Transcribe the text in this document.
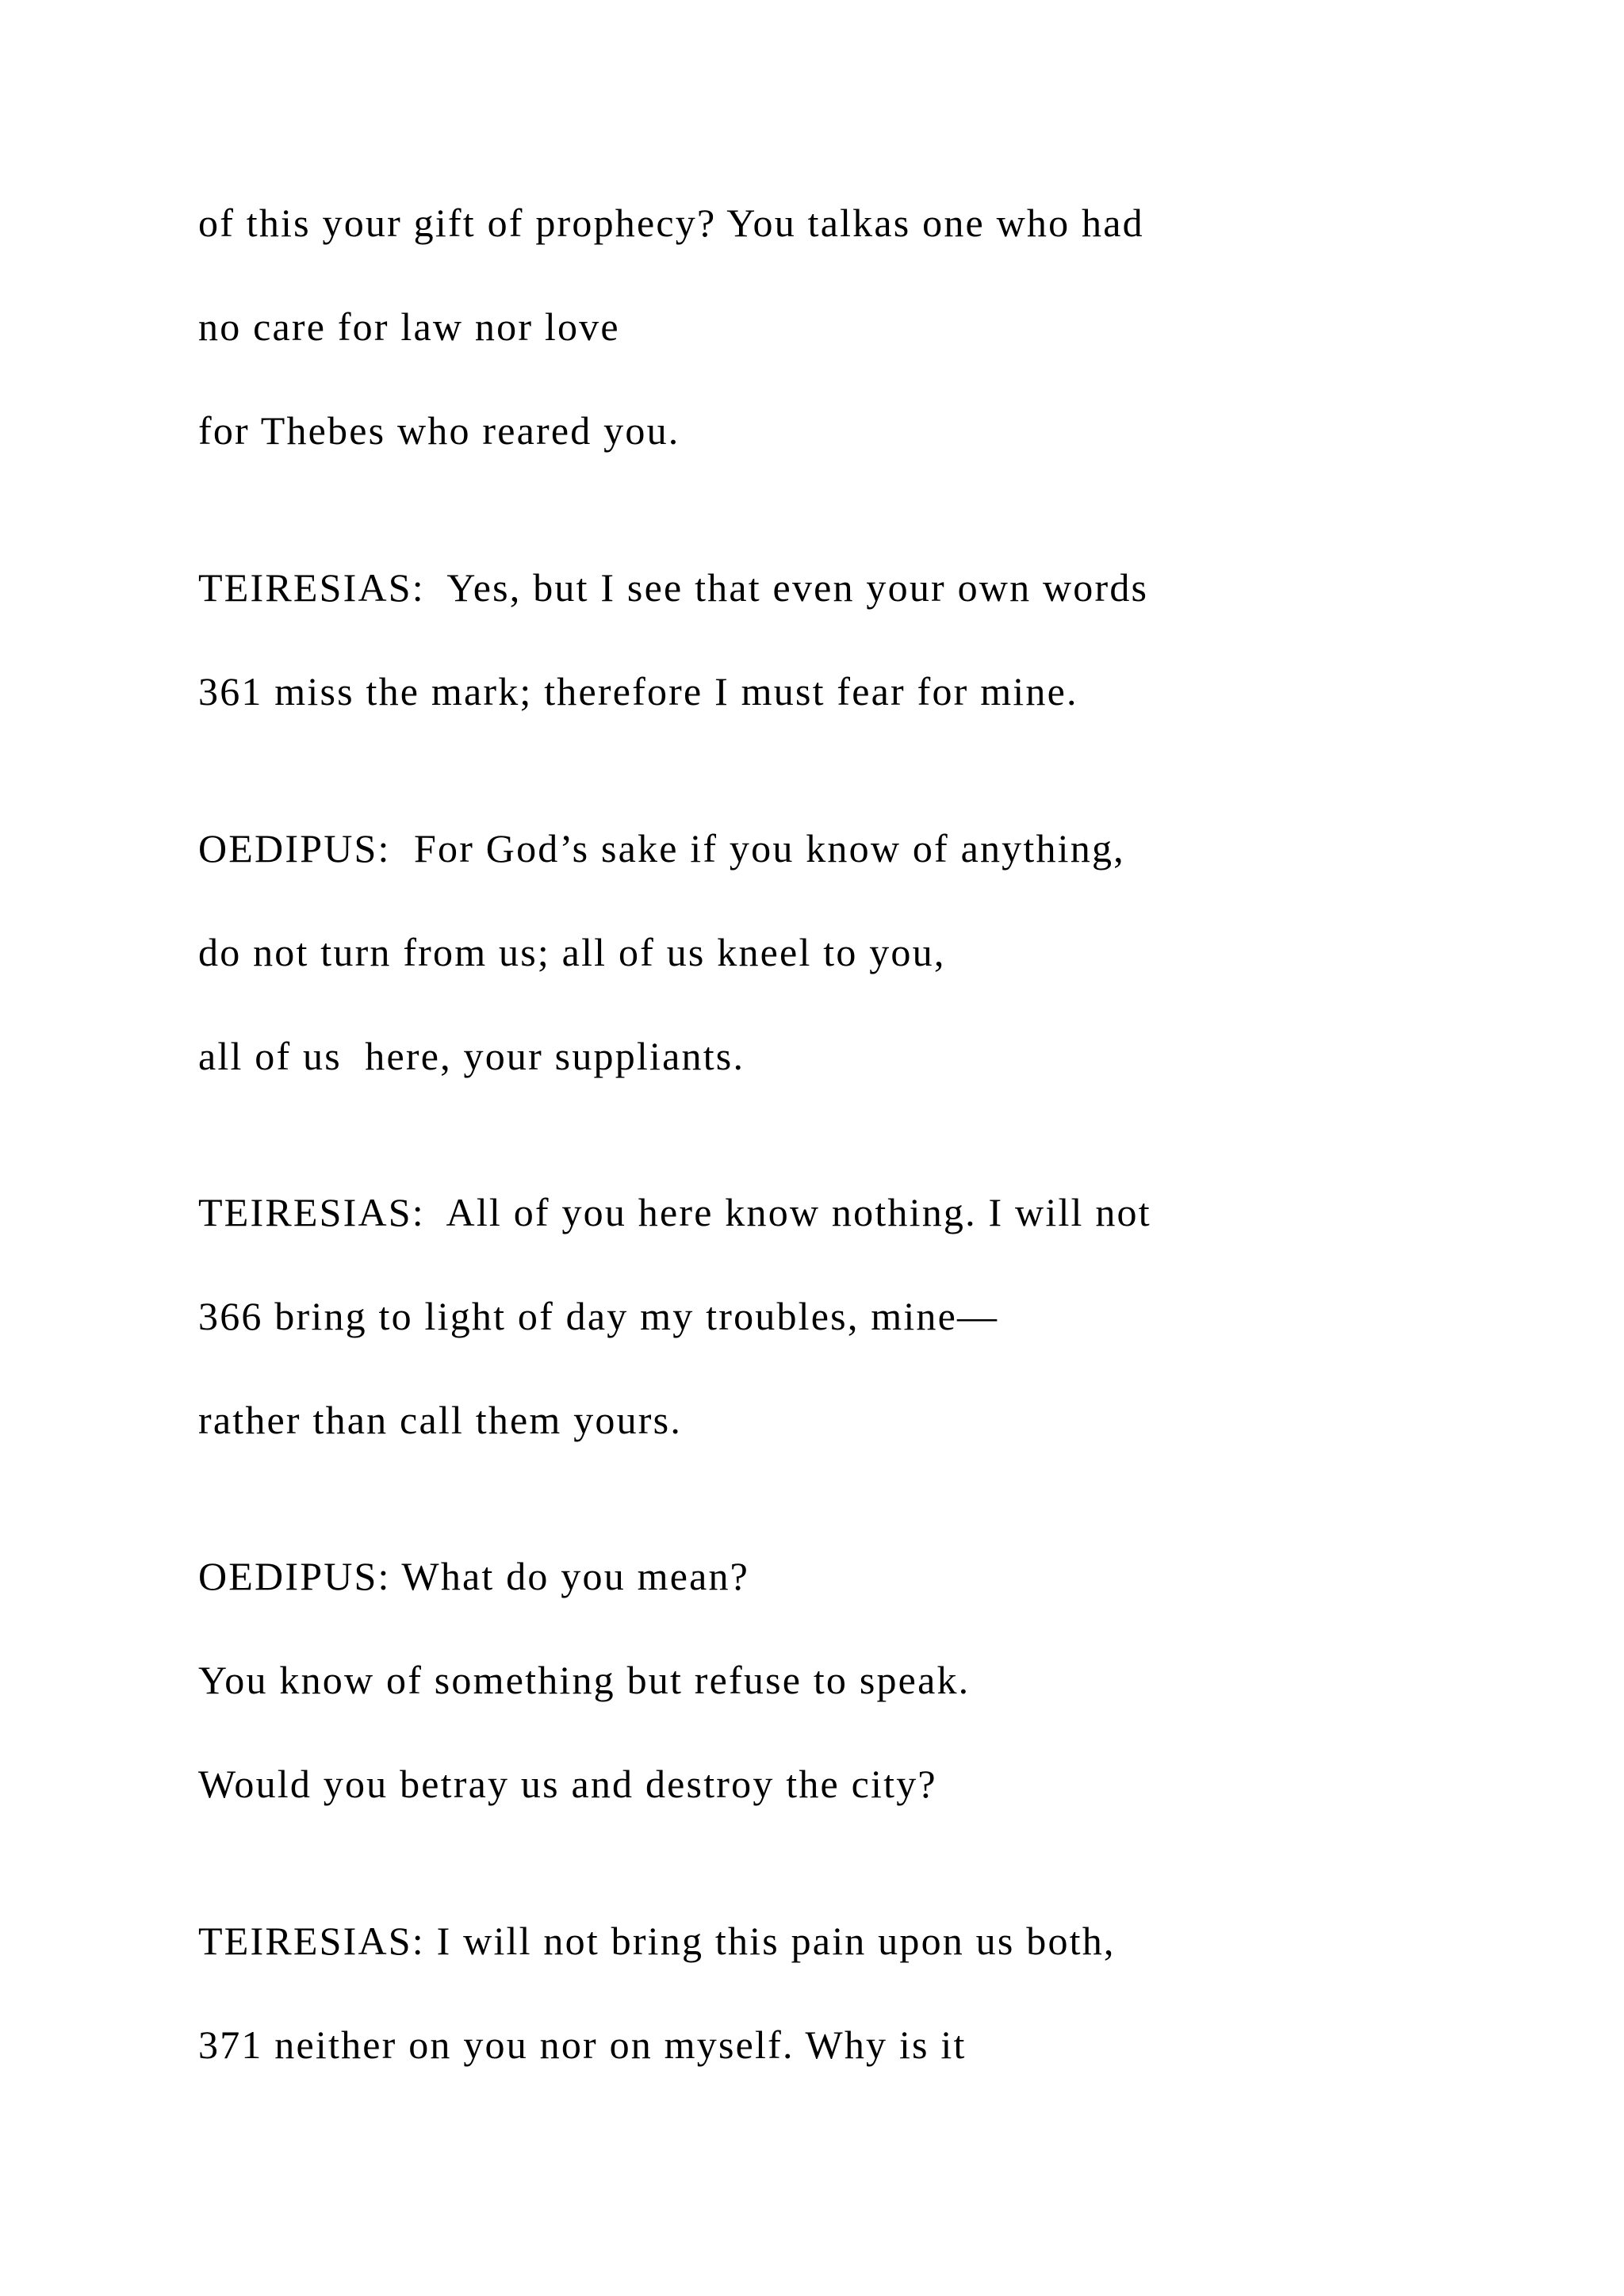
of this your gift of prophecy? You talkas one who had

no care for law nor love

for Thebes who reared you.

TEIRESIAS:  Yes, but I see that even your own words

361 miss the mark; therefore I must fear for mine.

OEDIPUS:  For God’s sake if you know of anything,

do not turn from us; all of us kneel to you,

all of us  here, your suppliants.

TEIRESIAS:  All of you here know nothing. I will not

366 bring to light of day my troubles, mine—

rather than call them yours.

OEDIPUS: What do you mean?

You know of something but refuse to speak.

Would you betray us and destroy the city?

TEIRESIAS: I will not bring this pain upon us both,

371 neither on you nor on myself. Why is it
